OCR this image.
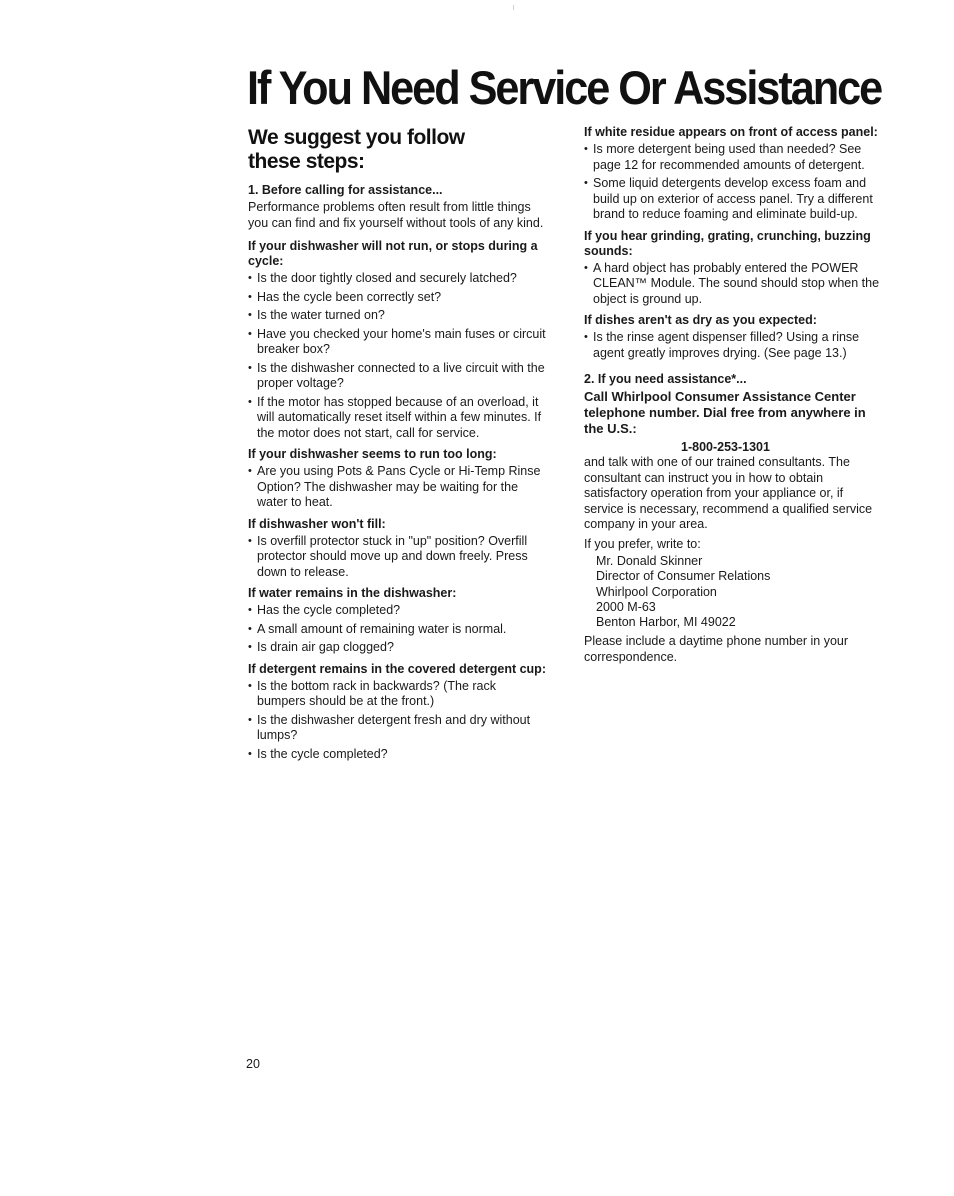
If You Need Service Or Assistance
We suggest you follow
these steps:
1. Before calling for assistance...

Performance problems often result from little things you can find and fix yourself without tools of any kind.

If your dishwasher will not run, or stops during a cycle:
• Is the door tightly closed and securely latched?
• Has the cycle been correctly set?
• Is the water turned on?
• Have you checked your home's main fuses or circuit breaker box?
• Is the dishwasher connected to a live circuit with the proper voltage?
• If the motor has stopped because of an overload, it will automatically reset itself within a few minutes. If the motor does not start, call for service.
If your dishwasher seems to run too long:
• Are you using Pots & Pans Cycle or Hi-Temp Rinse Option? The dishwasher may be waiting for the water to heat.
If dishwasher won't fill:
• Is overfill protector stuck in "up" position? Overfill protector should move up and down freely. Press down to release.
If water remains in the dishwasher:
• Has the cycle completed?
• A small amount of remaining water is normal.
• Is drain air gap clogged?
If detergent remains in the covered detergent cup:
• Is the bottom rack in backwards? (The rack bumpers should be at the front.)
• Is the dishwasher detergent fresh and dry without lumps?
• Is the cycle completed?
If white residue appears on front of access panel:
• Is more detergent being used than needed? See page 12 for recommended amounts of detergent.
• Some liquid detergents develop excess foam and build up on exterior of access panel. Try a different brand to reduce foaming and eliminate build-up.
If you hear grinding, grating, crunching, buzzing sounds:
• A hard object has probably entered the POWER CLEAN™ Module. The sound should stop when the object is ground up.
If dishes aren't as dry as you expected:
• Is the rinse agent dispenser filled? Using a rinse agent greatly improves drying. (See page 13.)
2. If you need assistance*...
Call Whirlpool Consumer Assistance Center telephone number. Dial free from anywhere in the U.S.:

1-800-253-1301

and talk with one of our trained consultants. The consultant can instruct you in how to obtain satisfactory operation from your appliance or, if service is necessary, recommend a qualified service company in your area.

If you prefer, write to:

Mr. Donald Skinner
Director of Consumer Relations
Whirlpool Corporation
2000 M-63
Benton Harbor, MI 49022

Please include a daytime phone number in your correspondence.

20
